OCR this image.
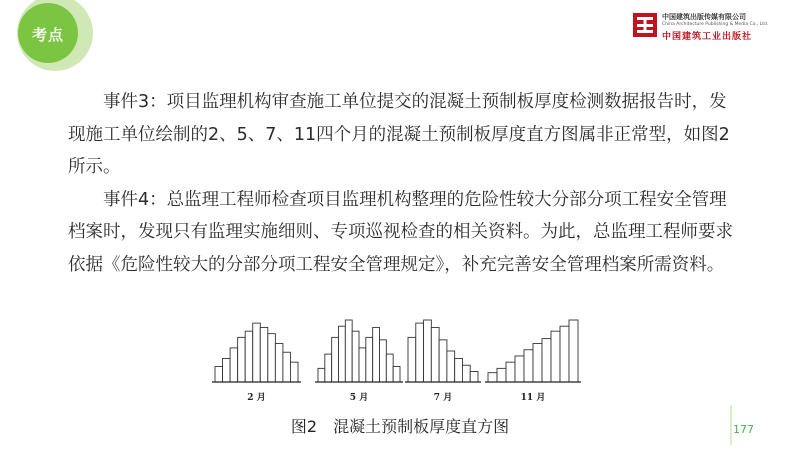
考点
中国建筑出版传媒有限公司
China Architecture Publishing & Media Co., Ltd.
中国建筑工业出版社

事件3：项目监理机构审查施工单位提交的混凝土预制板厚度检测数据报告时，发现施工单位绘制的2、5、7、11四个月的混凝土预制板厚度直方图属非正常型，如图2所示。

事件4：总监理工程师检查项目监理机构整理的危险性较大分部分项工程安全管理档案时，发现只有监理实施细则、专项巡视检查的相关资料。为此，总监理工程师要求依据《危险性较大的分部分项工程安全管理规定》，补充完善安全管理档案所需资料。

2 月	5 月	7 月	11 月
图2　混凝土预制板厚度直方图	177
